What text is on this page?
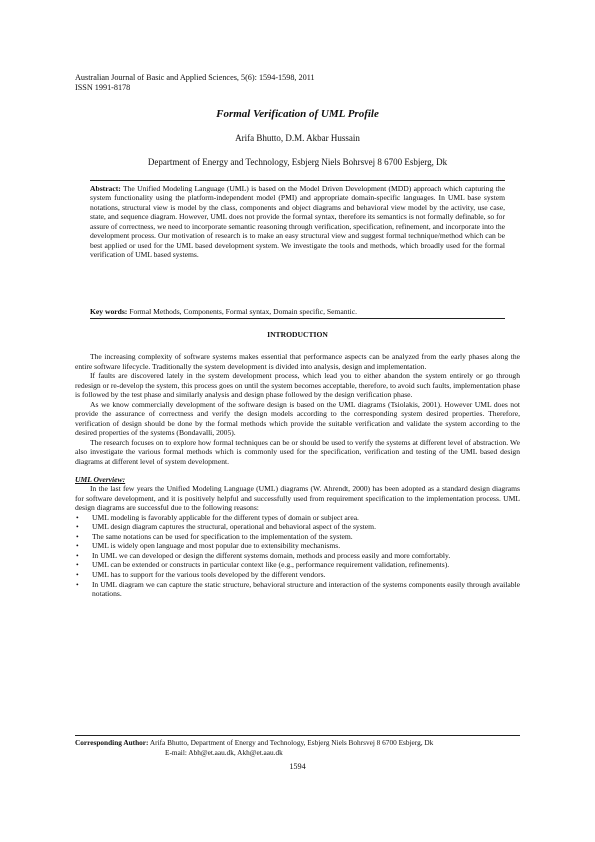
Australian Journal of Basic and Applied Sciences, 5(6): 1594-1598, 2011
ISSN 1991-8178
Formal Verification of UML Profile
Arifa Bhutto, D.M. Akbar Hussain
Department of Energy and Technology, Esbjerg Niels Bohrsvej 8 6700 Esbjerg, Dk
Abstract: The Unified Modeling Language (UML) is based on the Model Driven Development (MDD) approach which capturing the system functionality using the platform-independent model (PMI) and appropriate domain-specific languages. In UML base system notations, structural view is model by the class, components and object diagrams and behavioral view model by the activity, use case, state, and sequence diagram. However, UML does not provide the formal syntax, therefore its semantics is not formally definable, so for assure of correctness, we need to incorporate semantic reasoning through verification, specification, refinement, and incorporate into the development process. Our motivation of research is to make an easy structural view and suggest formal technique/method which can be best applied or used for the UML based development system. We investigate the tools and methods, which broadly used for the formal verification of UML based systems.
Key words: Formal Methods, Components, Formal syntax, Domain specific, Semantic.
INTRODUCTION

The increasing complexity of software systems makes essential that performance aspects can be analyzed from the early phases along the entire software lifecycle. Traditionally the system development is divided into analysis, design and implementation.

If faults are discovered lately in the system development process, which lead you to either abandon the system entirely or go through redesign or re-develop the system, this process goes on until the system becomes acceptable, therefore, to avoid such faults, implementation phase is followed by the test phase and similarly analysis and design phase followed by the design verification phase.

As we know commercially development of the software design is based on the UML diagrams (Tsiolakis, 2001). However UML does not provide the assurance of correctness and verify the design models according to the corresponding system desired properties. Therefore, verification of design should be done by the formal methods which provide the suitable verification and validate the system according to the desired properties of the systems (Bondavalli, 2005).

The research focuses on to explore how formal techniques can be or should be used to verify the systems at different level of abstraction. We also investigate the various formal methods which is commonly used for the specification, verification and testing of the UML based design diagrams at different level of system development.

UML Overview:

In the last few years the Unified Modeling Language (UML) diagrams (W. Ahrendt, 2000) has been adopted as a standard design diagrams for software development, and it is positively helpful and successfully used from requirement specification to the implementation process. UML design diagrams are successful due to the following reasons:

• UML modeling is favorably applicable for the different types of domain or subject area.
• UML design diagram captures the structural, operational and behavioral aspect of the system.
• The same notations can be used for specification to the implementation of the system.
• UML is widely open language and most popular due to extensibility mechanisms.
• In UML we can developed or design the different systems domain, methods and process easily and more comfortably.
• UML can be extended or constructs in particular context like (e.g., performance requirement validation, refinements).
• UML has to support for the various tools developed by the different vendors.
• In UML diagram we can capture the static structure, behavioral structure and interaction of the systems components easily through available notations.
Corresponding Author: Arifa Bhutto, Department of Energy and Technology, Esbjerg Niels Bohrsvej 8 6700 Esbjerg, Dk
E-mail: Abh@et.aau.dk, Akh@et.aau.dk
1594
